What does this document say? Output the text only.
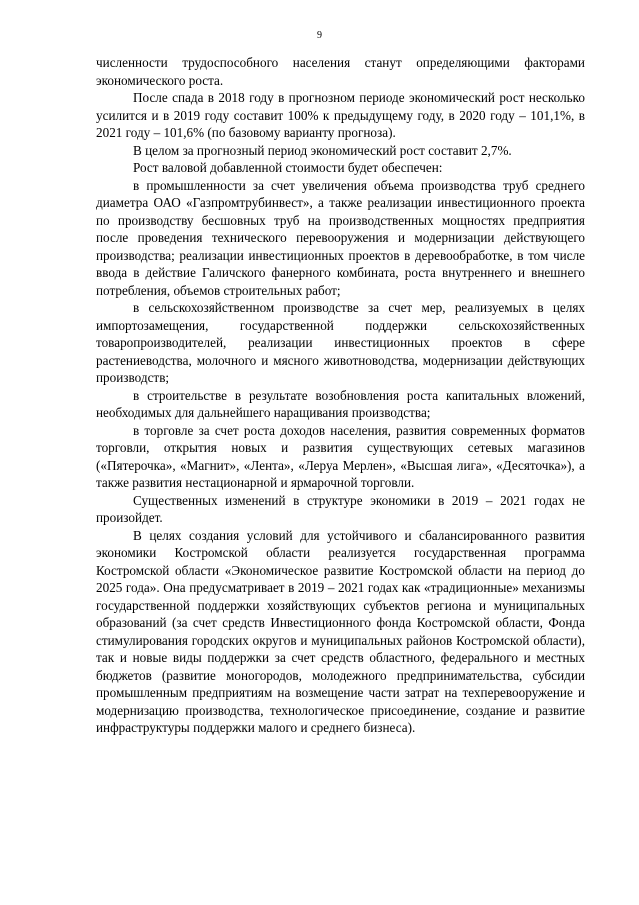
9

численности трудоспособного населения станут определяющими факторами экономического роста.

После спада в 2018 году в прогнозном периоде экономический рост несколько усилится и в 2019 году составит 100% к предыдущему году, в 2020 году – 101,1%, в 2021 году – 101,6% (по базовому варианту прогноза).

В целом за прогнозный период экономический рост составит 2,7%.

Рост валовой добавленной стоимости будет обеспечен:

в промышленности за счет увеличения объема производства труб среднего диаметра ОАО «Газпромтрубинвест», а также реализации инвестиционного проекта по производству бесшовных труб на производственных мощностях предприятия после проведения технического перевооружения и модернизации действующего производства; реализации инвестиционных проектов в деревообработке, в том числе ввода в действие Галичского фанерного комбината, роста внутреннего и внешнего потребления, объемов строительных работ;

в сельскохозяйственном производстве за счет мер, реализуемых в целях импортозамещения, государственной поддержки сельскохозяйственных товаропроизводителей, реализации инвестиционных проектов в сфере растениеводства, молочного и мясного животноводства, модернизации действующих производств;

в строительстве в результате возобновления роста капитальных вложений, необходимых для дальнейшего наращивания производства;

в торговле за счет роста доходов населения, развития современных форматов торговли, открытия новых и развития существующих сетевых магазинов («Пятерочка», «Магнит», «Лента», «Леруа Мерлен», «Высшая лига», «Десяточка»), а также развития нестационарной и ярмарочной торговли.

Существенных изменений в структуре экономики в 2019 – 2021 годах не произойдет.

В целях создания условий для устойчивого и сбалансированного развития экономики Костромской области реализуется государственная программа Костромской области «Экономическое развитие Костромской области на период до 2025 года». Она предусматривает в 2019 – 2021 годах как «традиционные» механизмы государственной поддержки хозяйствующих субъектов региона и муниципальных образований (за счет средств Инвестиционного фонда Костромской области, Фонда стимулирования городских округов и муниципальных районов Костромской области), так и новые виды поддержки за счет средств областного, федерального и местных бюджетов (развитие моногородов, молодежного предпринимательства, субсидии промышленным предприятиям на возмещение части затрат на техперевооружение и модернизацию производства, технологическое присоединение, создание и развитие инфраструктуры поддержки малого и среднего бизнеса).
